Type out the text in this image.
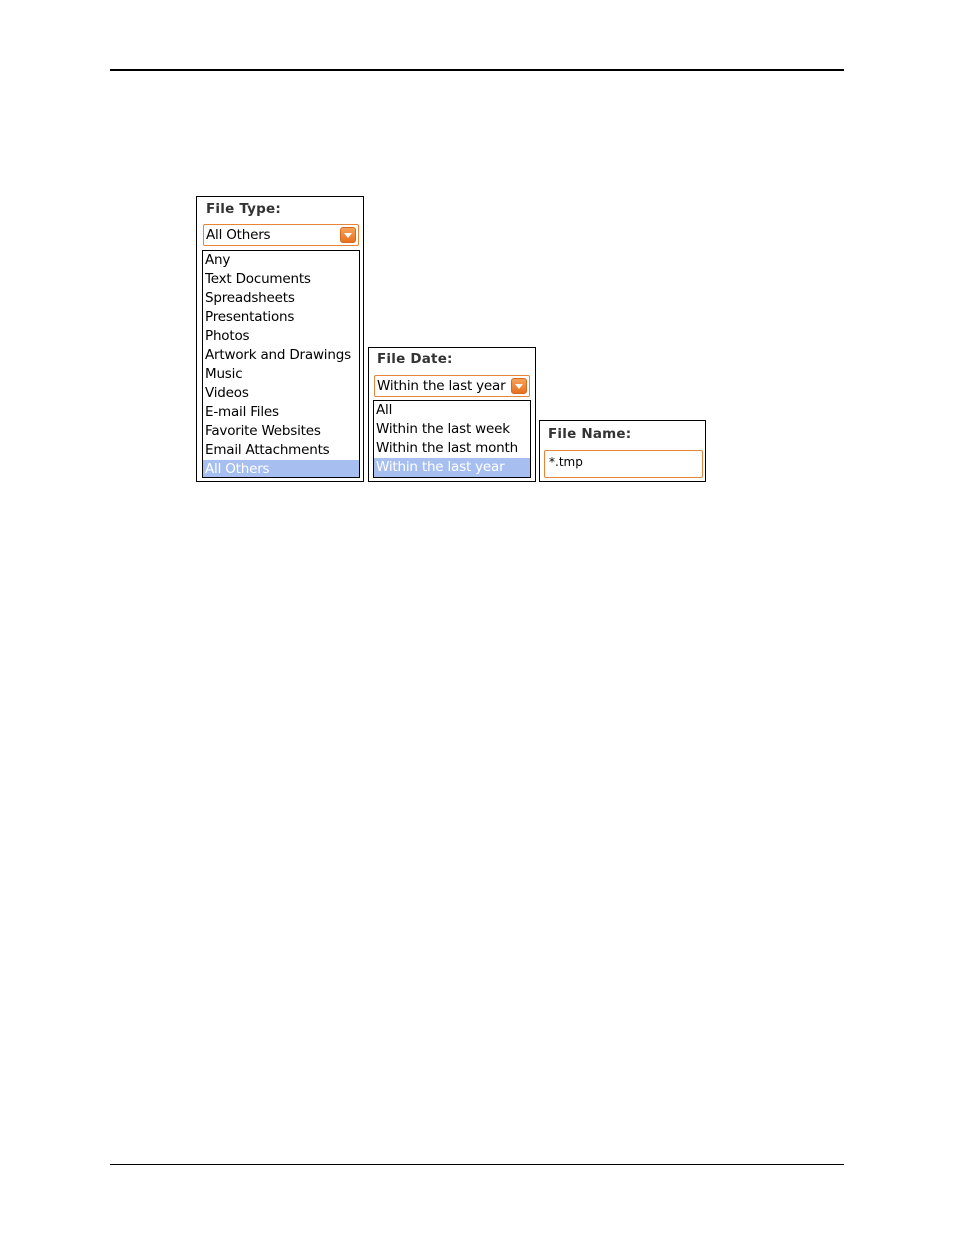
File Type:
All Others
Any
Text Documents
Spreadsheets
Presentations
Photos
Artwork and Drawings
Music
Videos
E-mail Files
Favorite Websites
Email Attachments
All Others
File Date:
Within the last year
All
Within the last week
Within the last month
Within the last year
File Name:
*.tmp
